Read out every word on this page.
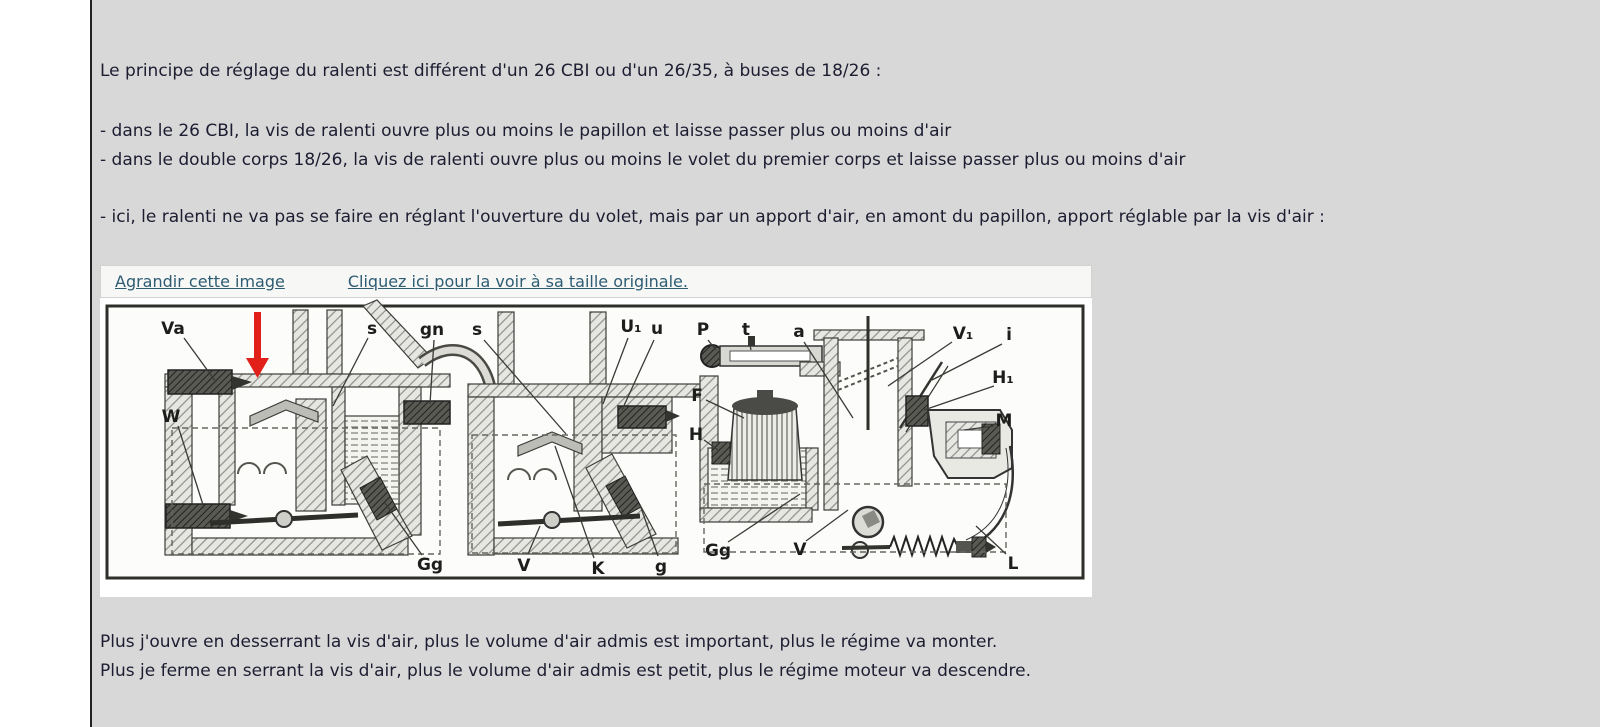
Le principe de réglage du ralenti est différent d'un 26 CBI ou d'un 26/35, à buses de 18/26 :
- dans le 26 CBI, la vis de ralenti ouvre plus ou moins le papillon et laisse passer plus ou moins d'air
- dans le double corps 18/26, la vis de ralenti ouvre plus ou moins le volet du premier corps et laisse passer plus ou moins d'air
- ici, le ralenti ne va pas se faire en réglant l'ouverture du volet, mais par un apport d'air, en amont du papillon, apport réglable par la vis d'air :
Agrandir cette image	Cliquez ici pour la voir à sa taille originale.
Va	s	gn
W
Gg
s	U₁ u
V	K	g
P t	a
F
H
Gg	V
V₁ i
H₁
M
L
Plus j'ouvre en desserrant la vis d'air, plus le volume d'air admis est important, plus le régime va monter.
Plus je ferme en serrant la vis d'air, plus le volume d'air admis est petit, plus le régime moteur va descendre.
